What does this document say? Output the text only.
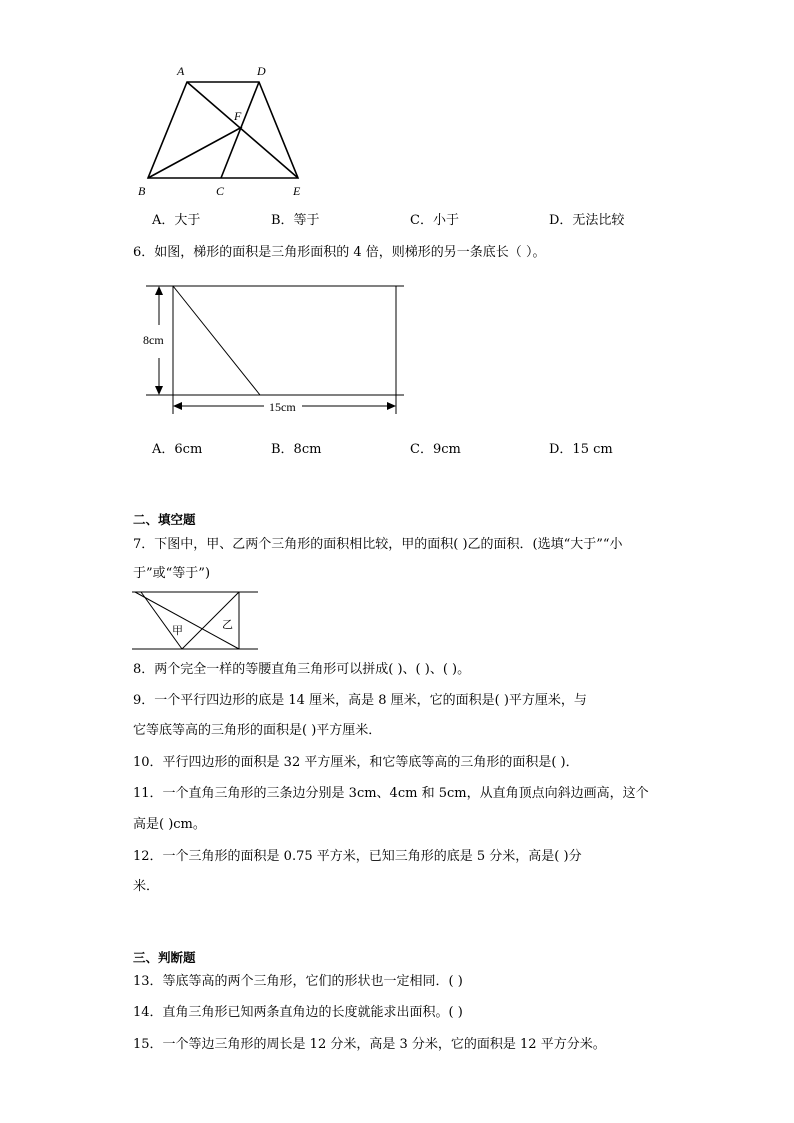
A	D
F
B	C	E
A．大于	B．等于	C．小于	D．无法比较
6．如图，梯形的面积是三角形面积的 4 倍，则梯形的另一条底长（ ）。
8cm
15cm
A．6cm	B．8cm	C．9cm	D．15 cm
二、填空题
7．下图中，甲、乙两个三角形的面积相比较，甲的面积( )乙的面积．(选填“大于”“小
于”或“等于”)
甲	乙
8．两个完全一样的等腰直角三角形可以拼成( )、( )、( )。
9．一个平行四边形的底是 14 厘米，高是 8 厘米，它的面积是( )平方厘米，与
它等底等高的三角形的面积是( )平方厘米．
10．平行四边形的面积是 32 平方厘米，和它等底等高的三角形的面积是( )．
11．一个直角三角形的三条边分别是 3cm、4cm 和 5cm，从直角顶点向斜边画高，这个
高是( )cm。
12．一个三角形的面积是 0.75 平方米，已知三角形的底是 5 分米，高是( )分
米．
三、判断题
13．等底等高的两个三角形，它们的形状也一定相同．( )
14．直角三角形已知两条直角边的长度就能求出面积。( )
15．一个等边三角形的周长是 12 分米，高是 3 分米，它的面积是 12 平方分米。
